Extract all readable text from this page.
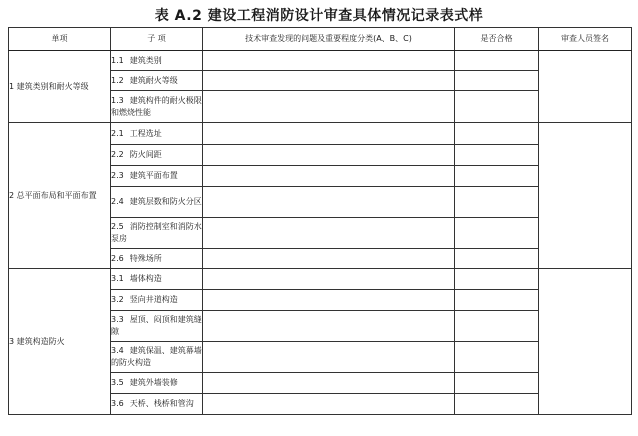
表 A.2 建设工程消防设计审查具体情况记录表式样
单项	子 项	技术审查发现的问题及重要程度分类(A、B、C)	是否合格	审查人员签名
1 建筑类别和耐火等级	1.1 建筑类别			
	1.2 建筑耐火等级			
	1.3 建筑构件的耐火极限和燃烧性能			
2 总平面布局和平面布置	2.1 工程选址			
	2.2 防火间距			
	2.3 建筑平面布置			
	2.4 建筑层数和防火分区			
	2.5 消防控制室和消防水泵房			
	2.6 特殊场所			
3 建筑构造防火	3.1 墙体构造			
	3.2 竖向井道构造			
	3.3 屋顶、闷顶和建筑缝隙			
	3.4 建筑保温、建筑幕墙的防火构造			
	3.5 建筑外墙装修			
	3.6 天桥、栈桥和管沟			
